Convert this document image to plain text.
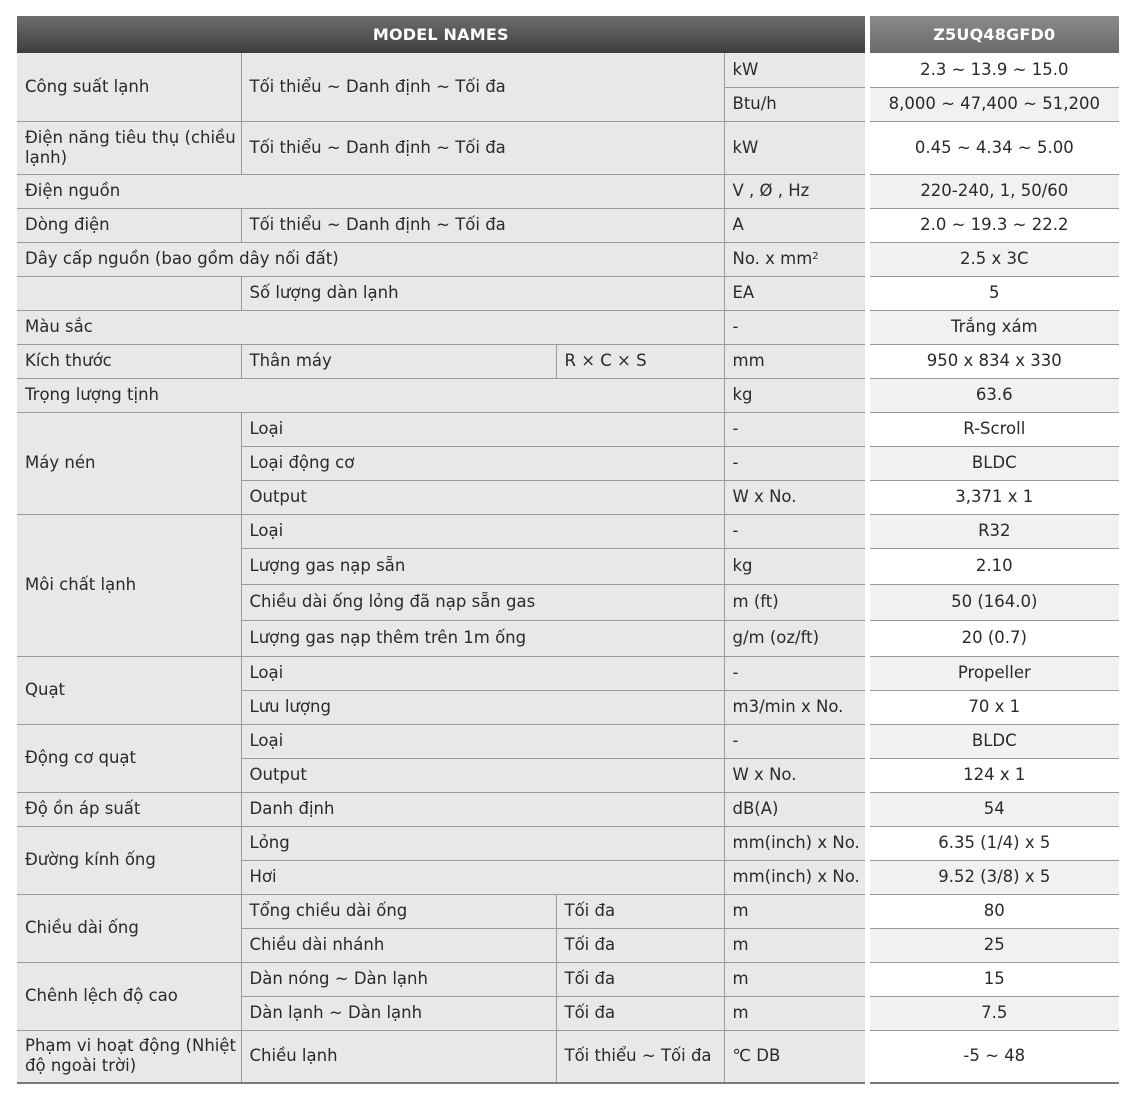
MODEL NAMES				Z5UQ48GFD0
Công suất lạnh	Tối thiểu ~ Danh định ~ Tối đa		kW	2.3 ~ 13.9 ~ 15.0
			Btu/h	8,000 ~ 47,400 ~ 51,200
Điện năng tiêu thụ (chiều lạnh)	Tối thiểu ~ Danh định ~ Tối đa		kW	0.45 ~ 4.34 ~ 5.00
Điện nguồn			V , Ø , Hz	220-240, 1, 50/60
Dòng điện	Tối thiểu ~ Danh định ~ Tối đa		A	2.0 ~ 19.3 ~ 22.2
Dây cấp nguồn (bao gồm dây nối đất)			No. x $mm^2$	2.5 x 3C
	Số lượng dàn lạnh		EA	5
Màu sắc			-	Trắng xám
Kích thước	Thân máy	R × C × S	mm	950 x 834 x 330
Trọng lượng tịnh			kg	63.6
Máy nén	Loại		-	R-Scroll
	Loại động cơ		-	BLDC
	Output		W x No.	3,371 x 1
Môi chất lạnh	Loại		-	R32
	Lượng gas nạp sẵn		kg	2.10
	Chiều dài ống lỏng đã nạp sẵn gas		m (ft)	50 (164.0)
	Lượng gas nạp thêm trên 1m ống		g/m (oz/ft)	20 (0.7)
Quạt	Loại		-	Propeller
	Lưu lượng		m3/min x No.	70 x 1
Động cơ quạt	Loại		-	BLDC
	Output		W x No.	124 x 1
Độ ồn áp suất	Danh định		dB(A)	54
Đường kính ống	Lỏng		mm(inch) x No.	6.35 (1/4) x 5
	Hơi		mm(inch) x No.	9.52 (3/8) x 5
Chiều dài ống	Tổng chiều dài ống	Tối đa	m	80
	Chiều dài nhánh	Tối đa	m	25
Chênh lệch độ cao	Dàn nóng ~ Dàn lạnh	Tối đa	m	15
	Dàn lạnh ~ Dàn lạnh	Tối đa	m	7.5
Phạm vi hoạt động (Nhiệt độ ngoài trời)	Chiều lạnh	Tối thiểu ~ Tối đa	℃ DB	-5 ~ 48
